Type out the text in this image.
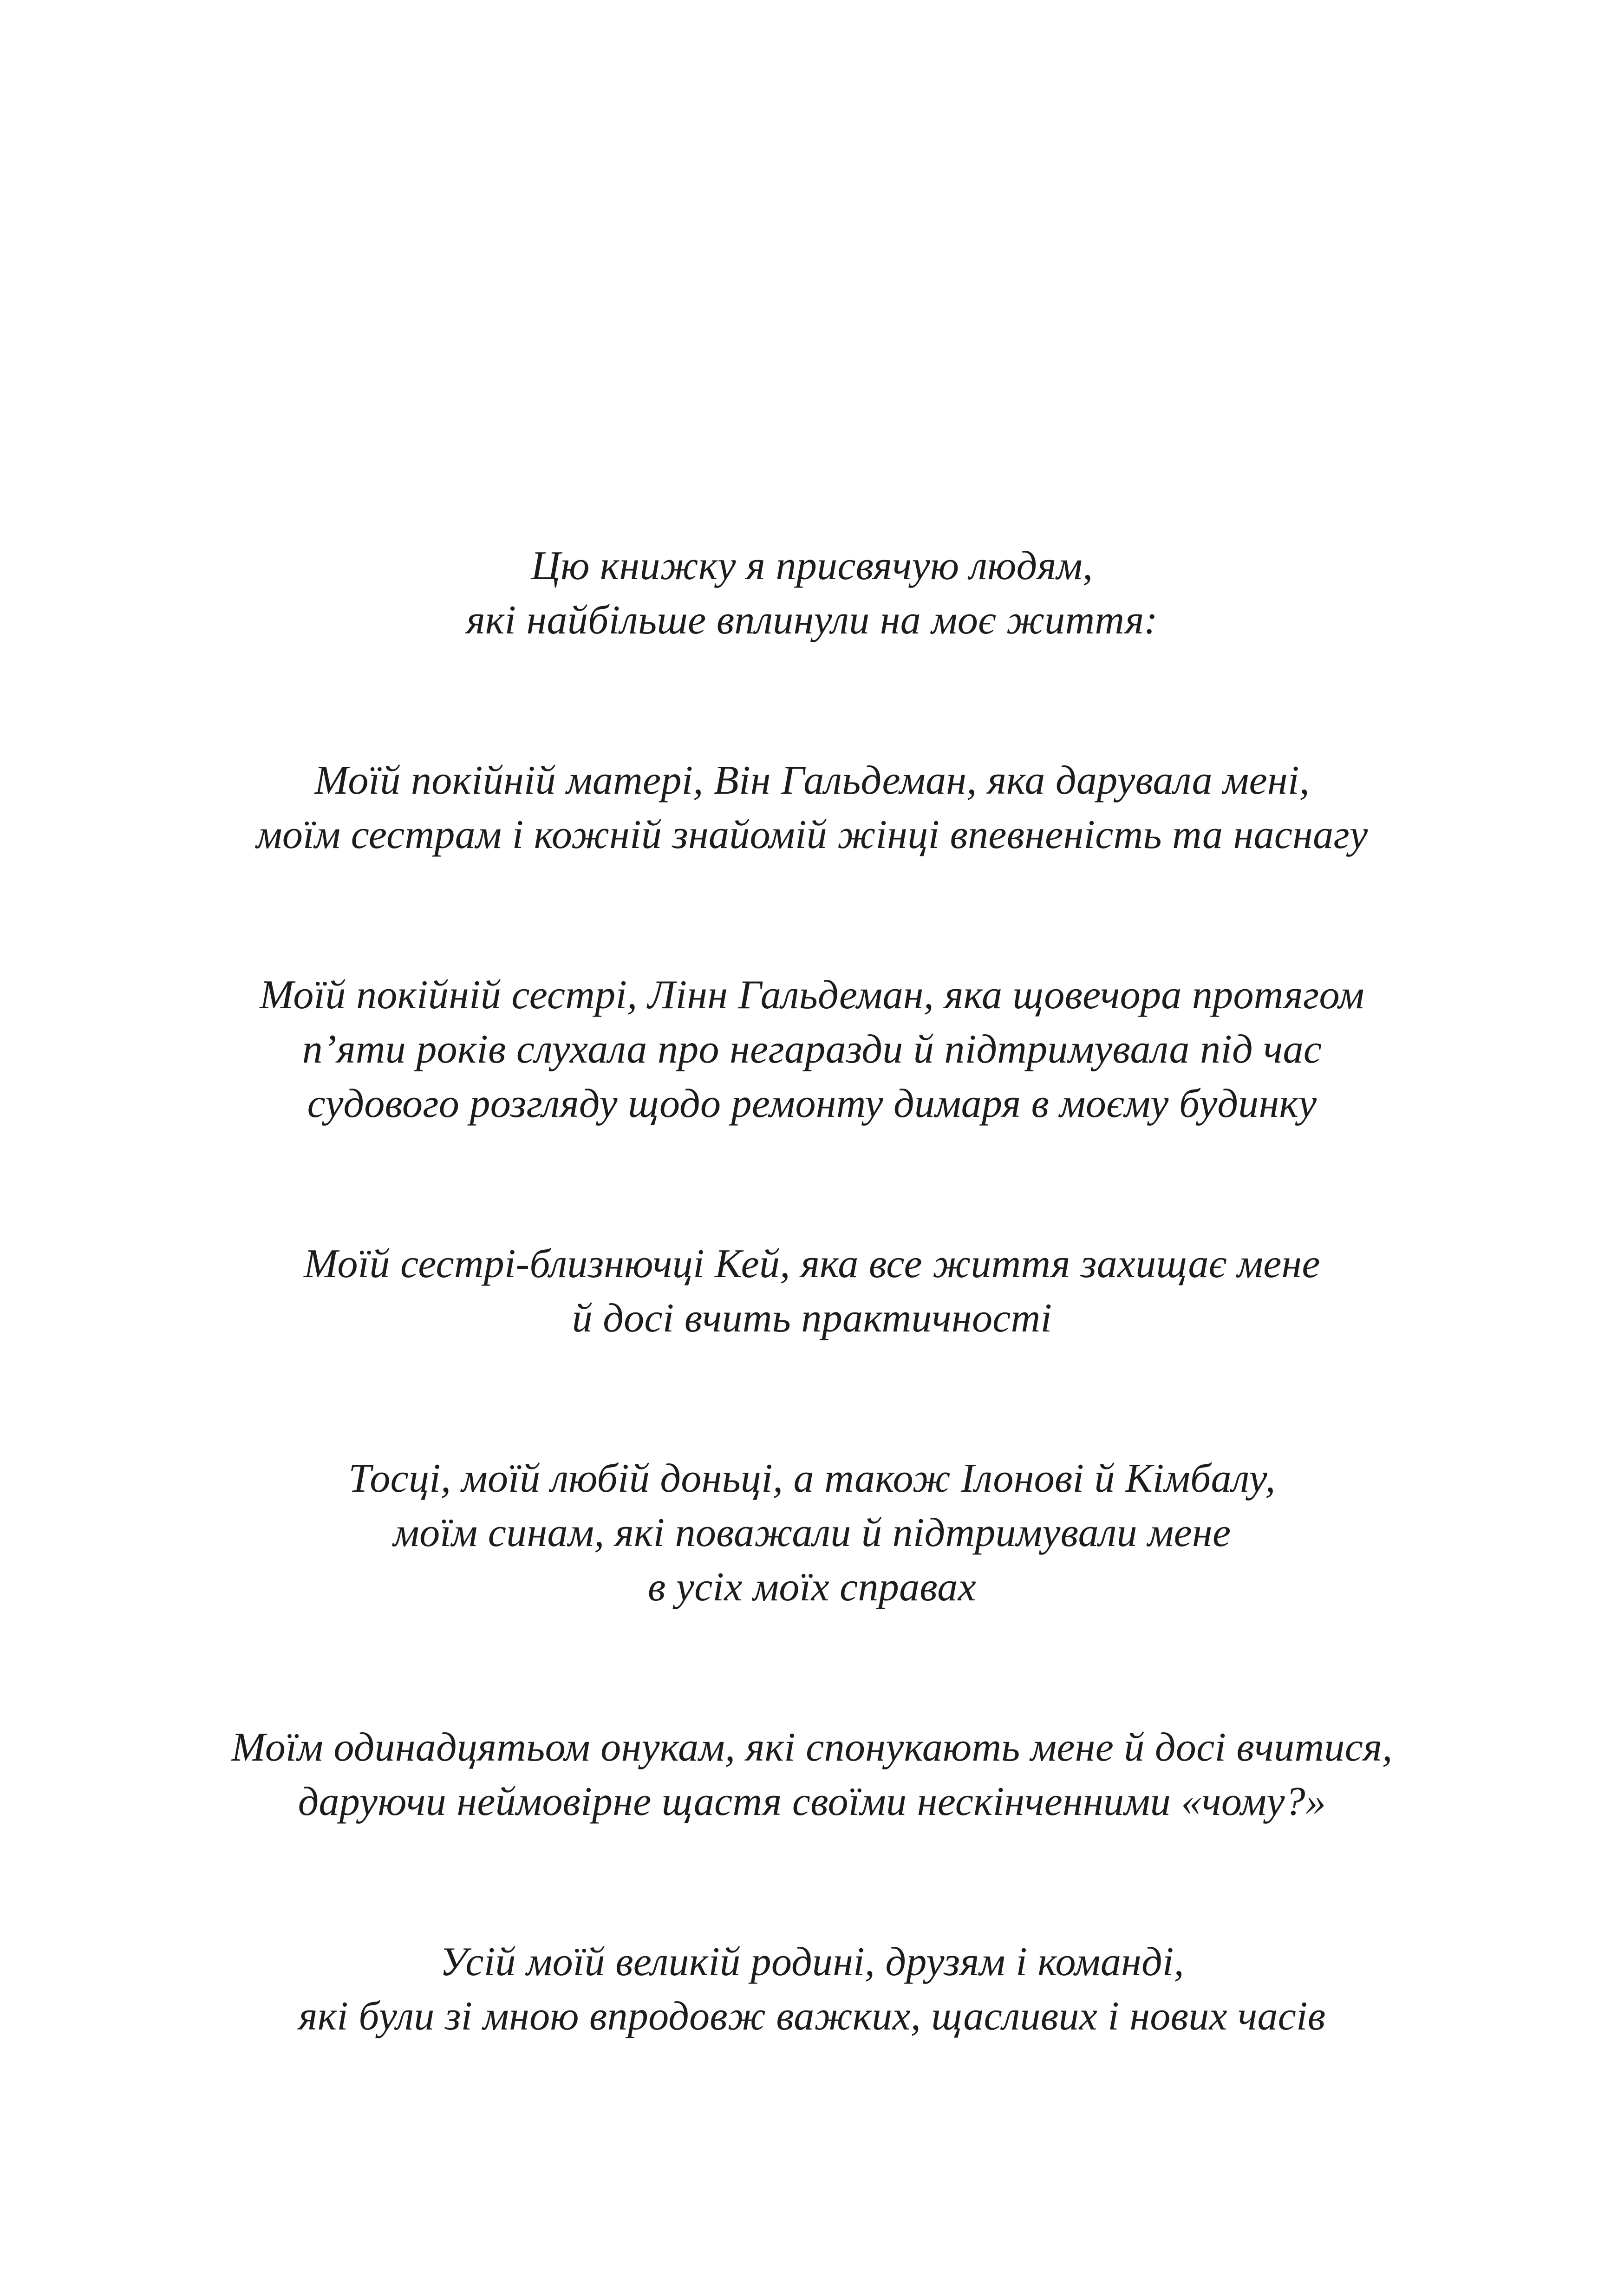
Цю книжку я присвячую людям,
які найбільше вплинули на моє життя:

Моїй покійній матері, Він Гальдеман, яка дарувала мені,
моїм сестрам і кожній знайомій жінці впевненість та наснагу

Моїй покійній сестрі, Лінн Гальдеман, яка щовечора протягом
п’яти років слухала про негаразди й підтримувала під час
судового розгляду щодо ремонту димаря в моєму будинку

Моїй сестрі-близнючці Кей, яка все життя захищає мене
й досі вчить практичності

Тосці, моїй любій доньці, а також Ілонові й Кімбалу,
моїм синам, які поважали й підтримували мене
в усіх моїх справах

Моїм одинадцятьом онукам, які спонукають мене й досі вчитися,
даруючи неймовірне щастя своїми нескінченними «чому?»

Усій моїй великій родині, друзям і команді,
які були зі мною впродовж важких, щасливих і нових часів
